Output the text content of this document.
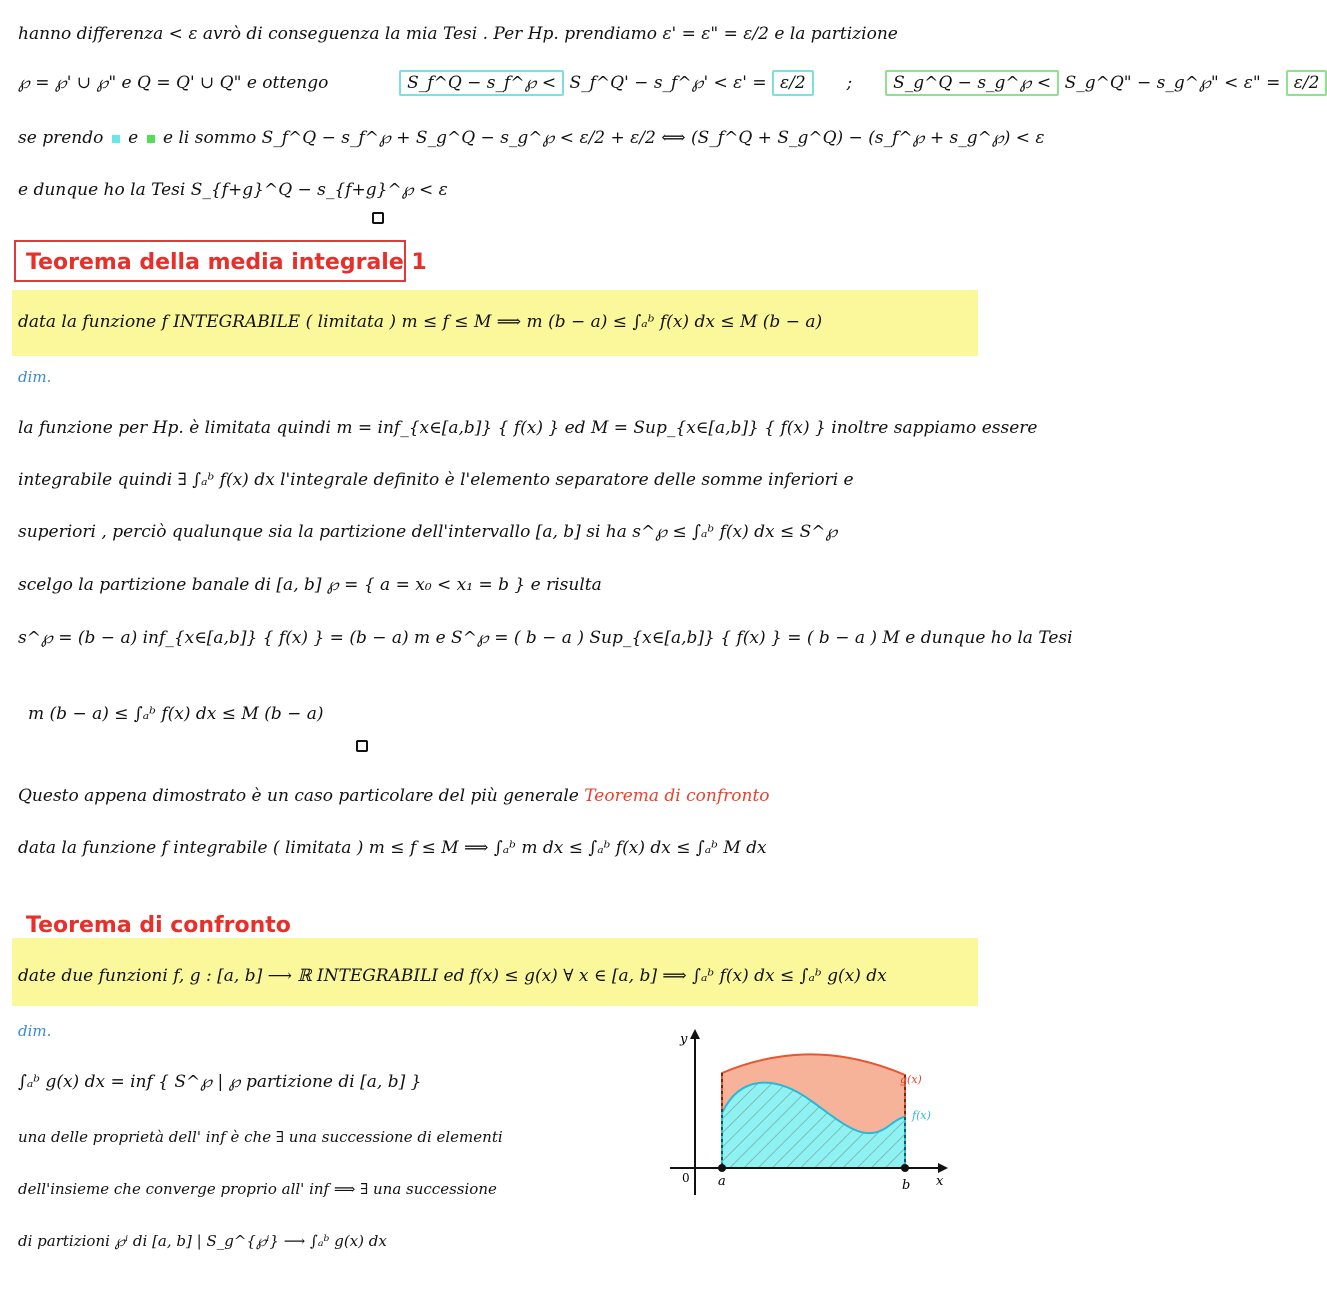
hanno differenza < ε avrò di conseguenza la mia Tesi . Per Hp. prendiamo ε' = ε" = ε/2 e la partizione
℘ = ℘' ∪ ℘" e Q = Q' ∪ Q" e ottengo	S_f^Q − s_f^℘ < S_f^Q' − s_f^℘' < ε' = ε/2 ; S_g^Q − s_g^℘ < S_g^Q" − s_g^℘" < ε" = ε/2
se prendo e e li sommo S_f^Q − s_f^℘ + S_g^Q − s_g^℘ < ε/2 + ε/2 ⟺ (S_f^Q + S_g^Q) − (s_f^℘ + s_g^℘) < ε
e dunque ho la Tesi S_{f+g}^Q − s_{f+g}^℘ < ε
Teorema della media integrale 1
data la funzione f INTEGRABILE ( limitata ) m ≤ f ≤ M ⟹ m (b − a) ≤ ∫ₐᵇ f(x) dx ≤ M (b − a)
dim.
la funzione per Hp. è limitata quindi m = inf_{x∈[a,b]} { f(x) } ed M = Sup_{x∈[a,b]} { f(x) } inoltre sappiamo essere
integrabile quindi ∃ ∫ₐᵇ f(x) dx l'integrale definito è l'elemento separatore delle somme inferiori e
superiori , perciò qualunque sia la partizione dell'intervallo [a, b] si ha s^℘ ≤ ∫ₐᵇ f(x) dx ≤ S^℘
scelgo la partizione banale di [a, b] ℘ = { a = x₀ < x₁ = b } e risulta
s^℘ = (b − a) inf_{x∈[a,b]} { f(x) } = (b − a) m e S^℘ = ( b − a ) Sup_{x∈[a,b]} { f(x) } = ( b − a ) M e dunque ho la Tesi
m (b − a) ≤ ∫ₐᵇ f(x) dx ≤ M (b − a)
Questo appena dimostrato è un caso particolare del più generale Teorema di confronto
data la funzione f integrabile ( limitata ) m ≤ f ≤ M ⟹ ∫ₐᵇ m dx ≤ ∫ₐᵇ f(x) dx ≤ ∫ₐᵇ M dx
Teorema di confronto
date due funzioni f, g : [a, b] ⟶ ℝ INTEGRABILI ed f(x) ≤ g(x) ∀ x ∈ [a, b] ⟹ ∫ₐᵇ f(x) dx ≤ ∫ₐᵇ g(x) dx
dim.
∫ₐᵇ g(x) dx = inf { S^℘ | ℘ partizione di [a, b] }
una delle proprietà dell' inf è che ∃ una successione di elementi
dell'insieme che converge proprio all' inf ⟹ ∃ una successione
di partizioni ℘ⁱ di [a, b] | S_g^{℘ⁱ} ⟶ ∫ₐᵇ g(x) dx
y
x
0 a	b
g(x)
f(x)
